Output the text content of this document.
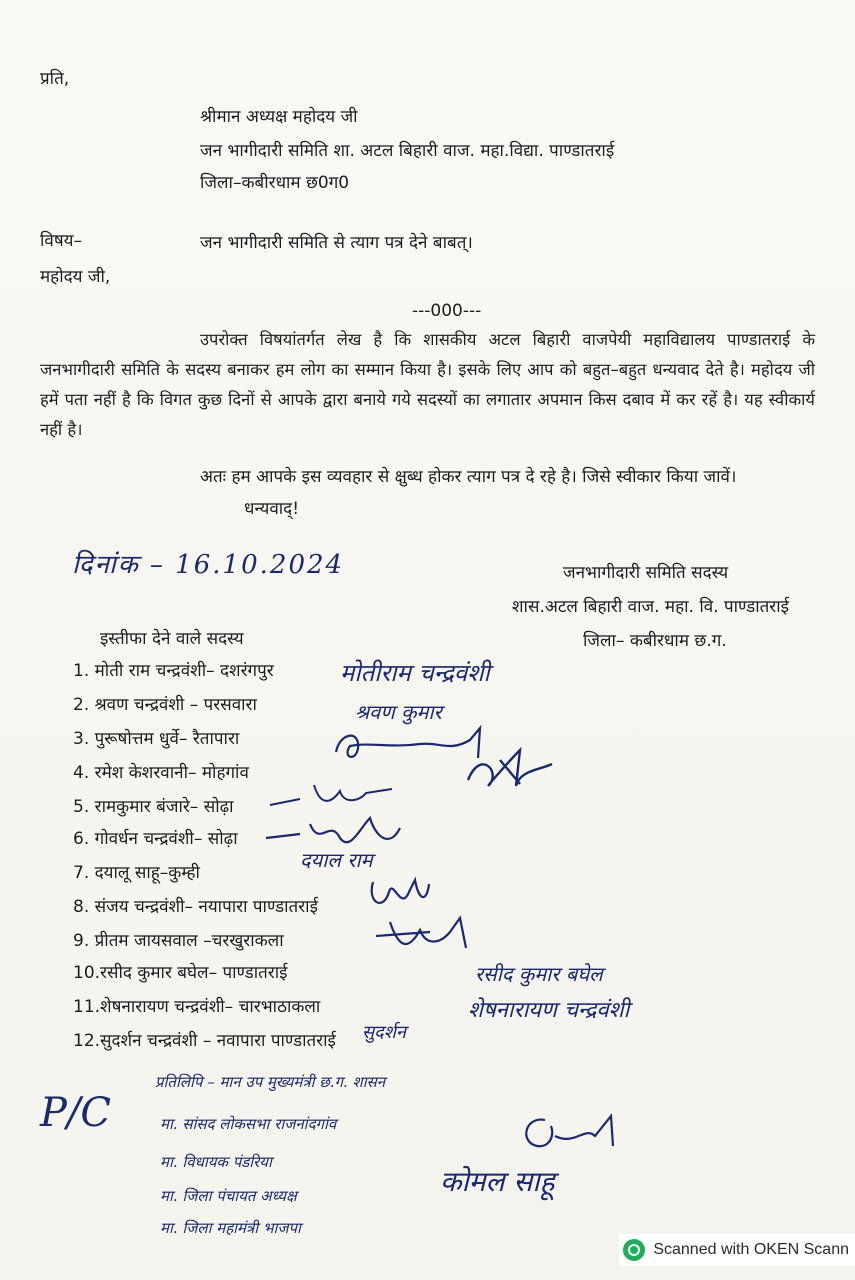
प्रति,
श्रीमान अध्यक्ष महोदय जी
जन भागीदारी समिति शा. अटल बिहारी वाज. महा.विद्या. पाण्डातराई
जिला–कबीरधाम छ0ग0
विषय–	जन भागीदारी समिति से त्याग पत्र देने बाबत्।
महोदय जी,
---000---
उपरोक्त विषयांतर्गत लेख है कि शासकीय अटल बिहारी वाजपेयी महाविद्यालय पाण्डातराई के जनभागीदारी समिति के सदस्य बनाकर हम लोग का सम्मान किया है। इसके लिए आप को बहुत–बहुत धन्यवाद देते है। महोदय जी हमें पता नहीं है कि विगत कुछ दिनों से आपके द्वारा बनाये गये सदस्यों का लगातार अपमान किस दबाव में कर रहें है। यह स्वीकार्य नहीं है।
अतः हम आपके इस व्यवहार से क्षुब्ध होकर त्याग पत्र दे रहे है। जिसे स्वीकार किया जावें।
धन्यवाद्!
दिनांक – 16.10.2024	जनभागीदारी समिति सदस्य
शास.अटल बिहारी वाज. महा. वि. पाण्डातराई
जिला– कबीरधाम छ.ग.
इस्तीफा देने वाले सदस्य
1. मोती राम चन्द्रवंशी– दशरंगपुर
2. श्रवण चन्द्रवंशी – परसवारा
3. पुरूषोत्तम धुर्वे– रैतापारा
4. रमेश केशरवानी– मोहगांव
5. रामकुमार बंजारे– सोढ़ा
6. गोवर्धन चन्द्रवंशी– सोढ़ा
7. दयालू साहू–कुम्ही
8. संजय चन्द्रवंशी– नयापारा पाण्डातराई
9. प्रीतम जायसवाल –चरखुराकला
10.रसीद कुमार बघेल– पाण्डातराई
11.शेषनारायण चन्द्रवंशी– चारभाठाकला
12.सुदर्शन चन्द्रवंशी – नवापारा पाण्डातराई
मोतीराम चन्द्रवंशी
श्रवण कुमार
दयाल राम
रसीद कुमार बघेल
शेषनारायण चन्द्रवंशी
सुदर्शन
P/C
प्रतिलिपि – मान उप मुख्यमंत्री छ.ग. शासन
मा. सांसद लोकसभा राजनांदगांव
मा. विधायक पंडरिया
मा. जिला पंचायत अध्यक्ष
मा. जिला महामंत्री भाजपा
कोमल साहू
Scanned with OKEN Scann
